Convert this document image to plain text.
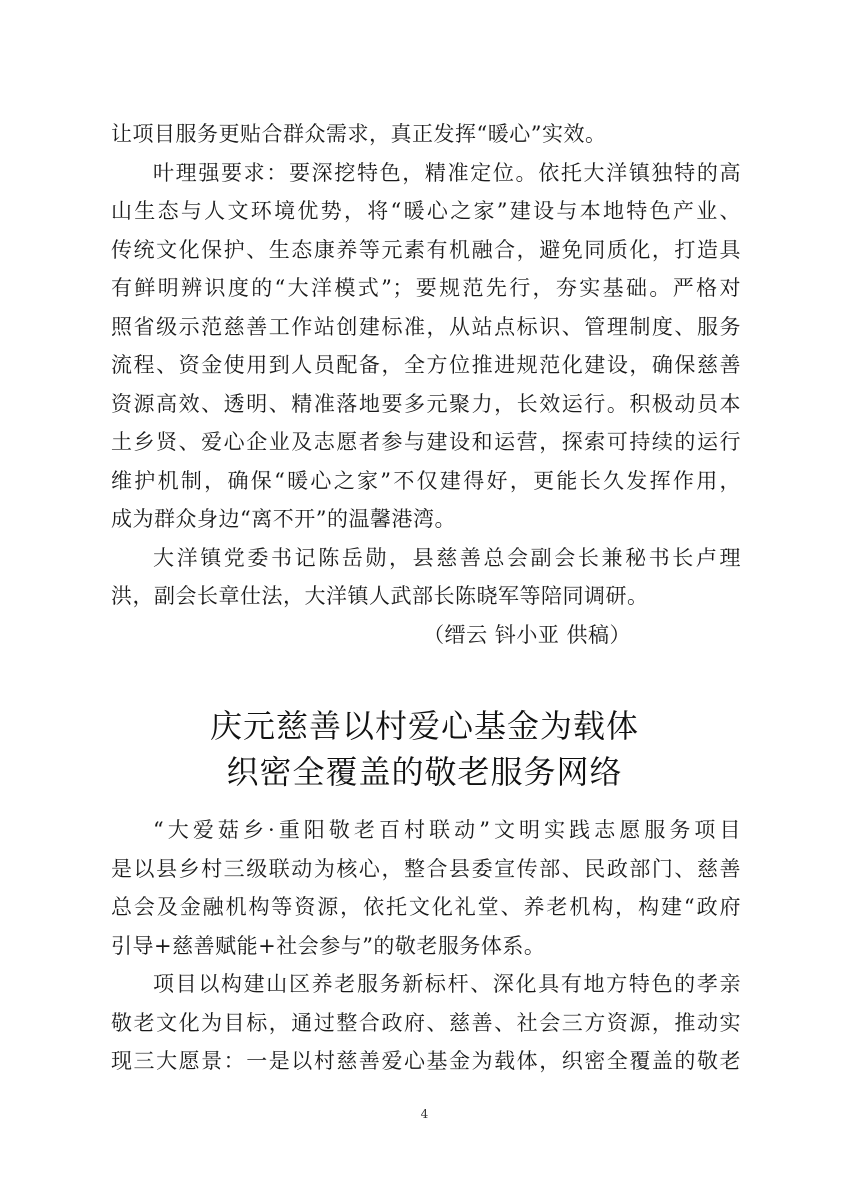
让项目服务更贴合群众需求，真正发挥“暖心”实效。
叶理强要求：要深挖特色，精准定位。依托大洋镇独特的高
山生态与人文环境优势，将“暖心之家”建设与本地特色产业、
传统文化保护、生态康养等元素有机融合，避免同质化，打造具
有鲜明辨识度的“大洋模式”；要规范先行，夯实基础。严格对
照省级示范慈善工作站创建标准，从站点标识、管理制度、服务
流程、资金使用到人员配备，全方位推进规范化建设，确保慈善
资源高效、透明、精准落地要多元聚力，长效运行。积极动员本
土乡贤、爱心企业及志愿者参与建设和运营，探索可持续的运行
维护机制，确保“暖心之家”不仅建得好，更能长久发挥作用，
成为群众身边“离不开”的温馨港湾。
大洋镇党委书记陈岳勋，县慈善总会副会长兼秘书长卢理
洪，副会长章仕法，大洋镇人武部长陈晓军等陪同调研。
（缙云 钭小亚 供稿）
庆元慈善以村爱心基金为载体
织密全覆盖的敬老服务网络
“大爱菇乡·重阳敬老百村联动”文明实践志愿服务项目
是以县乡村三级联动为核心，整合县委宣传部、民政部门、慈善
总会及金融机构等资源，依托文化礼堂、养老机构，构建“政府
引导+慈善赋能+社会参与”的敬老服务体系。
项目以构建山区养老服务新标杆、深化具有地方特色的孝亲
敬老文化为目标，通过整合政府、慈善、社会三方资源，推动实
现三大愿景：一是以村慈善爱心基金为载体，织密全覆盖的敬老
4
